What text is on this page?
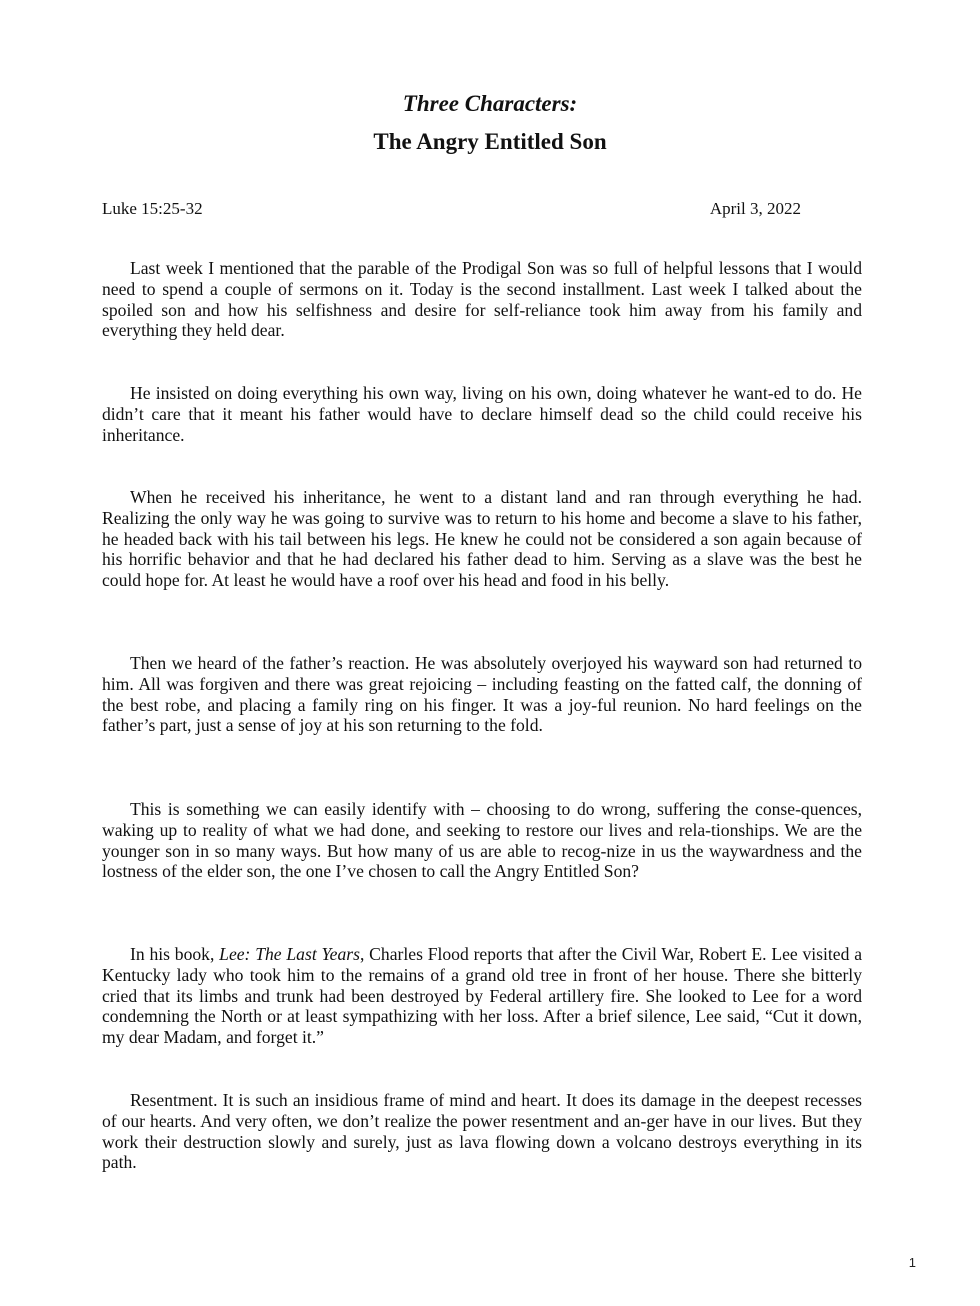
Three Characters:
The Angry Entitled Son
Luke 15:25-32	April 3, 2022

Last week I mentioned that the parable of the Prodigal Son was so full of helpful lessons that I would need to spend a couple of sermons on it. Today is the second installment. Last week I talked about the spoiled son and how his selfishness and desire for self-reliance took him away from his family and everything they held dear.

He insisted on doing everything his own way, living on his own, doing whatever he want-ed to do. He didn’t care that it meant his father would have to declare himself dead so the child could receive his inheritance.

When he received his inheritance, he went to a distant land and ran through everything he had. Realizing the only way he was going to survive was to return to his home and become a slave to his father, he headed back with his tail between his legs. He knew he could not be considered a son again because of his horrific behavior and that he had declared his father dead to him. Serving as a slave was the best he could hope for. At least he would have a roof over his head and food in his belly.

Then we heard of the father’s reaction. He was absolutely overjoyed his wayward son had returned to him. All was forgiven and there was great rejoicing – including feasting on the fatted calf, the donning of the best robe, and placing a family ring on his finger. It was a joy-ful reunion. No hard feelings on the father’s part, just a sense of joy at his son returning to the fold.

This is something we can easily identify with – choosing to do wrong, suffering the conse-quences, waking up to reality of what we had done, and seeking to restore our lives and rela-tionships. We are the younger son in so many ways. But how many of us are able to recog-nize in us the waywardness and the lostness of the elder son, the one I’ve chosen to call the Angry Entitled Son?

In his book, Lee: The Last Years, Charles Flood reports that after the Civil War, Robert E. Lee visited a Kentucky lady who took him to the remains of a grand old tree in front of her house. There she bitterly cried that its limbs and trunk had been destroyed by Federal artillery fire. She looked to Lee for a word condemning the North or at least sympathizing with her loss. After a brief silence, Lee said, “Cut it down, my dear Madam, and forget it.”

Resentment. It is such an insidious frame of mind and heart. It does its damage in the deepest recesses of our hearts. And very often, we don’t realize the power resentment and an-ger have in our lives. But they work their destruction slowly and surely, just as lava flowing down a volcano destroys everything in its path.

1
